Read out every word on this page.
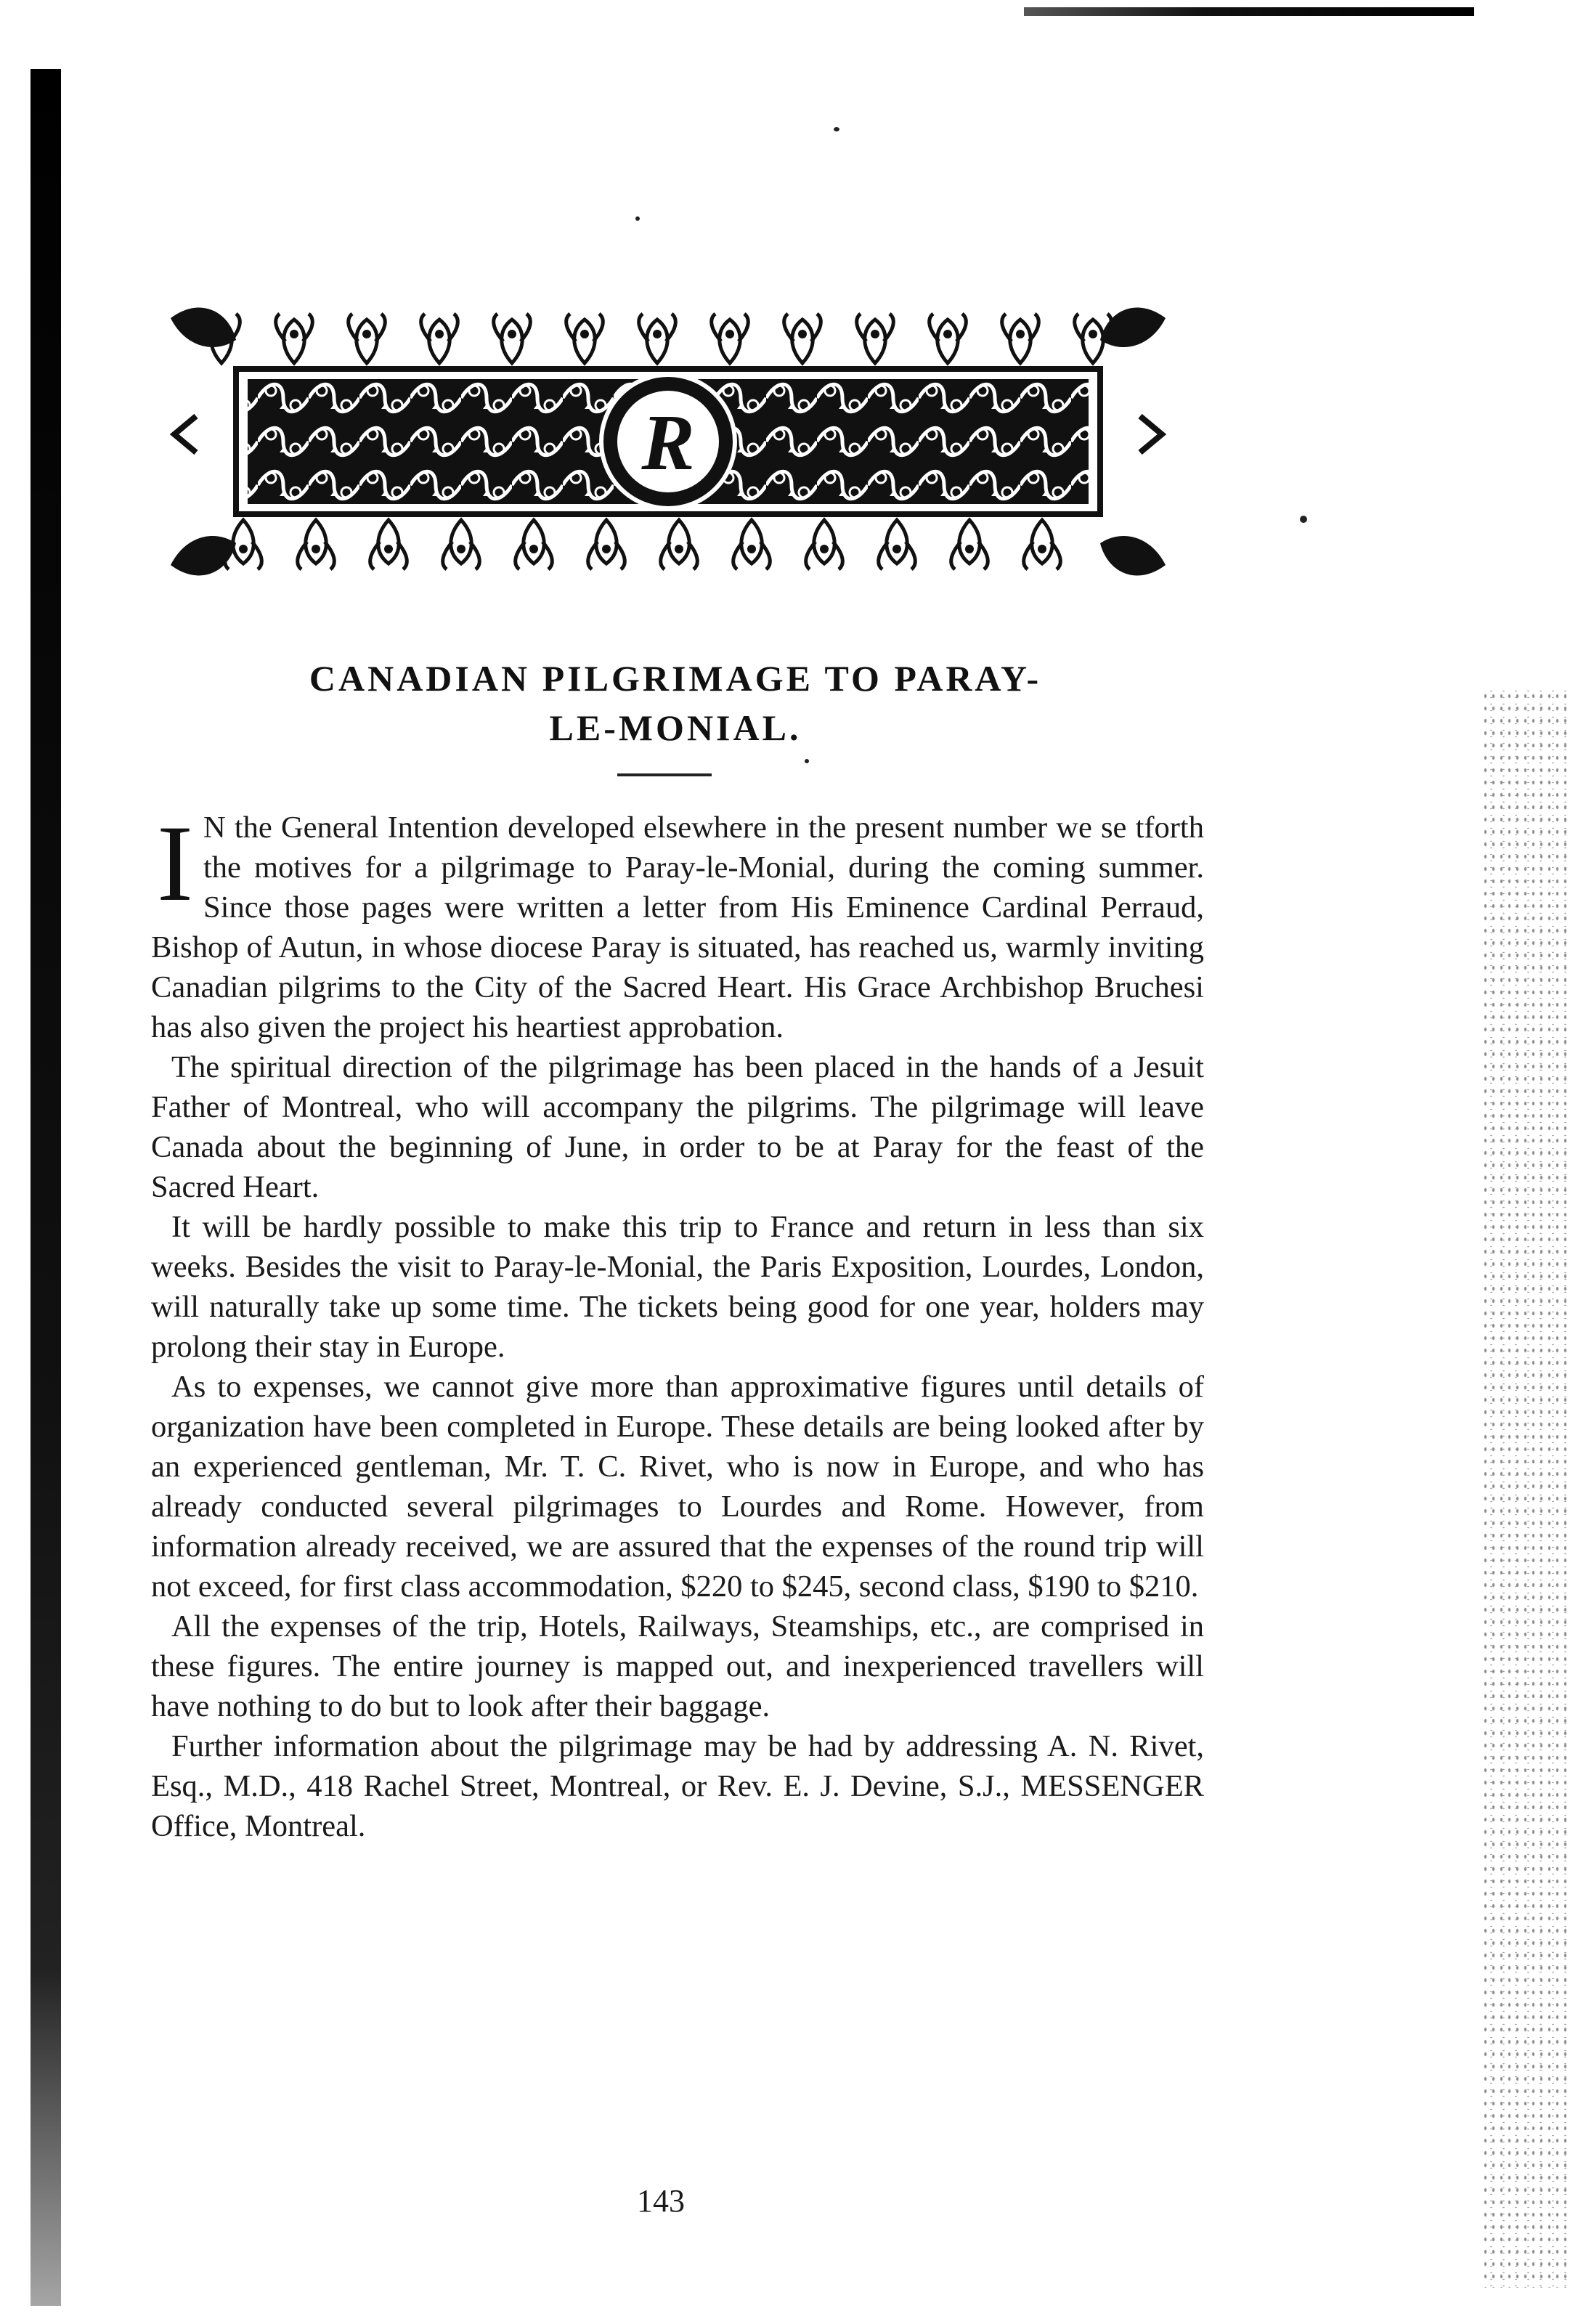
R
CANADIAN PILGRIMAGE TO PARAY-
LE-MONIAL.

I N the General Intention developed elsewhere in the present number we se tforth the motives for a pilgrimage to Paray-le-Monial, during the coming summer. Since those pages were written a letter from His Eminence Cardinal Perraud, Bishop of Autun, in whose diocese Paray is situated, has reached us, warmly inviting Canadian pilgrims to the City of the Sacred Heart. His Grace Archbishop Bruchesi has also given the project his heartiest approbation.

The spiritual direction of the pilgrimage has been placed in the hands of a Jesuit Father of Montreal, who will accompany the pilgrims. The pilgrimage will leave Canada about the beginning of June, in order to be at Paray for the feast of the Sacred Heart.

It will be hardly possible to make this trip to France and return in less than six weeks. Besides the visit to Paray-le-Monial, the Paris Exposition, Lourdes, London, will naturally take up some time. The tickets being good for one year, holders may prolong their stay in Europe.

As to expenses, we cannot give more than approximative figures until details of organization have been completed in Europe. These details are being looked after by an experienced gentleman, Mr. T. C. Rivet, who is now in Europe, and who has already conducted several pilgrimages to Lourdes and Rome. However, from information already received, we are assured that the expenses of the round trip will not exceed, for first class accommodation, $220 to $245, second class, $190 to $210.

All the expenses of the trip, Hotels, Railways, Steamships, etc., are comprised in these figures. The entire journey is mapped out, and inexperienced travellers will have nothing to do but to look after their baggage.

Further information about the pilgrimage may be had by addressing A. N. Rivet, Esq., M.D., 418 Rachel Street, Montreal, or Rev. E. J. Devine, S.J., MESSENGER Office, Montreal.

143
